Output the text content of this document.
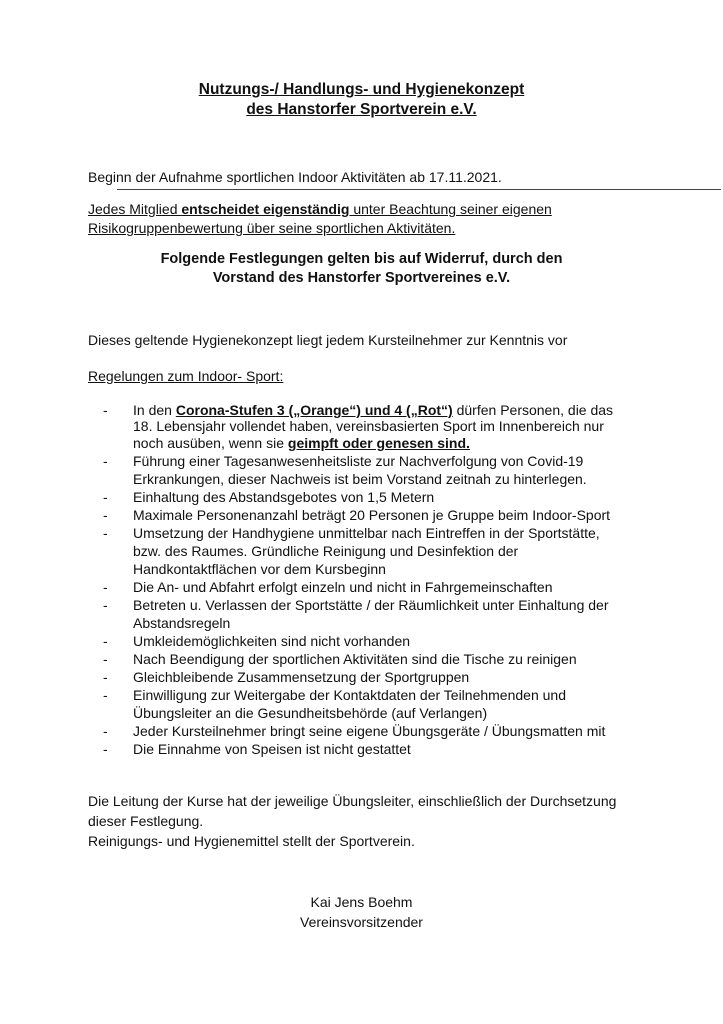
Nutzungs-/ Handlungs- und Hygienekonzept
des Hanstorfer Sportverein e.V.
Beginn der Aufnahme sportlichen Indoor Aktivitäten ab 17.11.2021.
Jedes Mitglied entscheidet eigenständig unter Beachtung seiner eigenen
Risikogruppenbewertung über seine sportlichen Aktivitäten.
Folgende Festlegungen gelten bis auf Widerruf, durch den
Vorstand des Hanstorfer Sportvereines e.V.
Dieses geltende Hygienekonzept liegt jedem Kursteilnehmer zur Kenntnis vor
Regelungen zum Indoor- Sport:
- In den Corona-Stufen 3 („Orange“) und 4 („Rot“) dürfen Personen, die das
18. Lebensjahr vollendet haben, vereinsbasierten Sport im Innenbereich nur
noch ausüben, wenn sie geimpft oder genesen sind.
- Führung einer Tagesanwesenheitsliste zur Nachverfolgung von Covid-19
Erkrankungen, dieser Nachweis ist beim Vorstand zeitnah zu hinterlegen.
- Einhaltung des Abstandsgebotes von 1,5 Metern
- Maximale Personenanzahl beträgt 20 Personen je Gruppe beim Indoor-Sport
- Umsetzung der Handhygiene unmittelbar nach Eintreffen in der Sportstätte,
bzw. des Raumes. Gründliche Reinigung und Desinfektion der
Handkontaktflächen vor dem Kursbeginn
- Die An- und Abfahrt erfolgt einzeln und nicht in Fahrgemeinschaften
- Betreten u. Verlassen der Sportstätte / der Räumlichkeit unter Einhaltung der
Abstandsregeln
- Umkleidemöglichkeiten sind nicht vorhanden
- Nach Beendigung der sportlichen Aktivitäten sind die Tische zu reinigen
- Gleichbleibende Zusammensetzung der Sportgruppen
- Einwilligung zur Weitergabe der Kontaktdaten der Teilnehmenden und
Übungsleiter an die Gesundheitsbehörde (auf Verlangen)
- Jeder Kursteilnehmer bringt seine eigene Übungsgeräte / Übungsmatten mit
- Die Einnahme von Speisen ist nicht gestattet
Die Leitung der Kurse hat der jeweilige Übungsleiter, einschließlich der Durchsetzung
dieser Festlegung.
Reinigungs- und Hygienemittel stellt der Sportverein.
Kai Jens Boehm
Vereinsvorsitzender
